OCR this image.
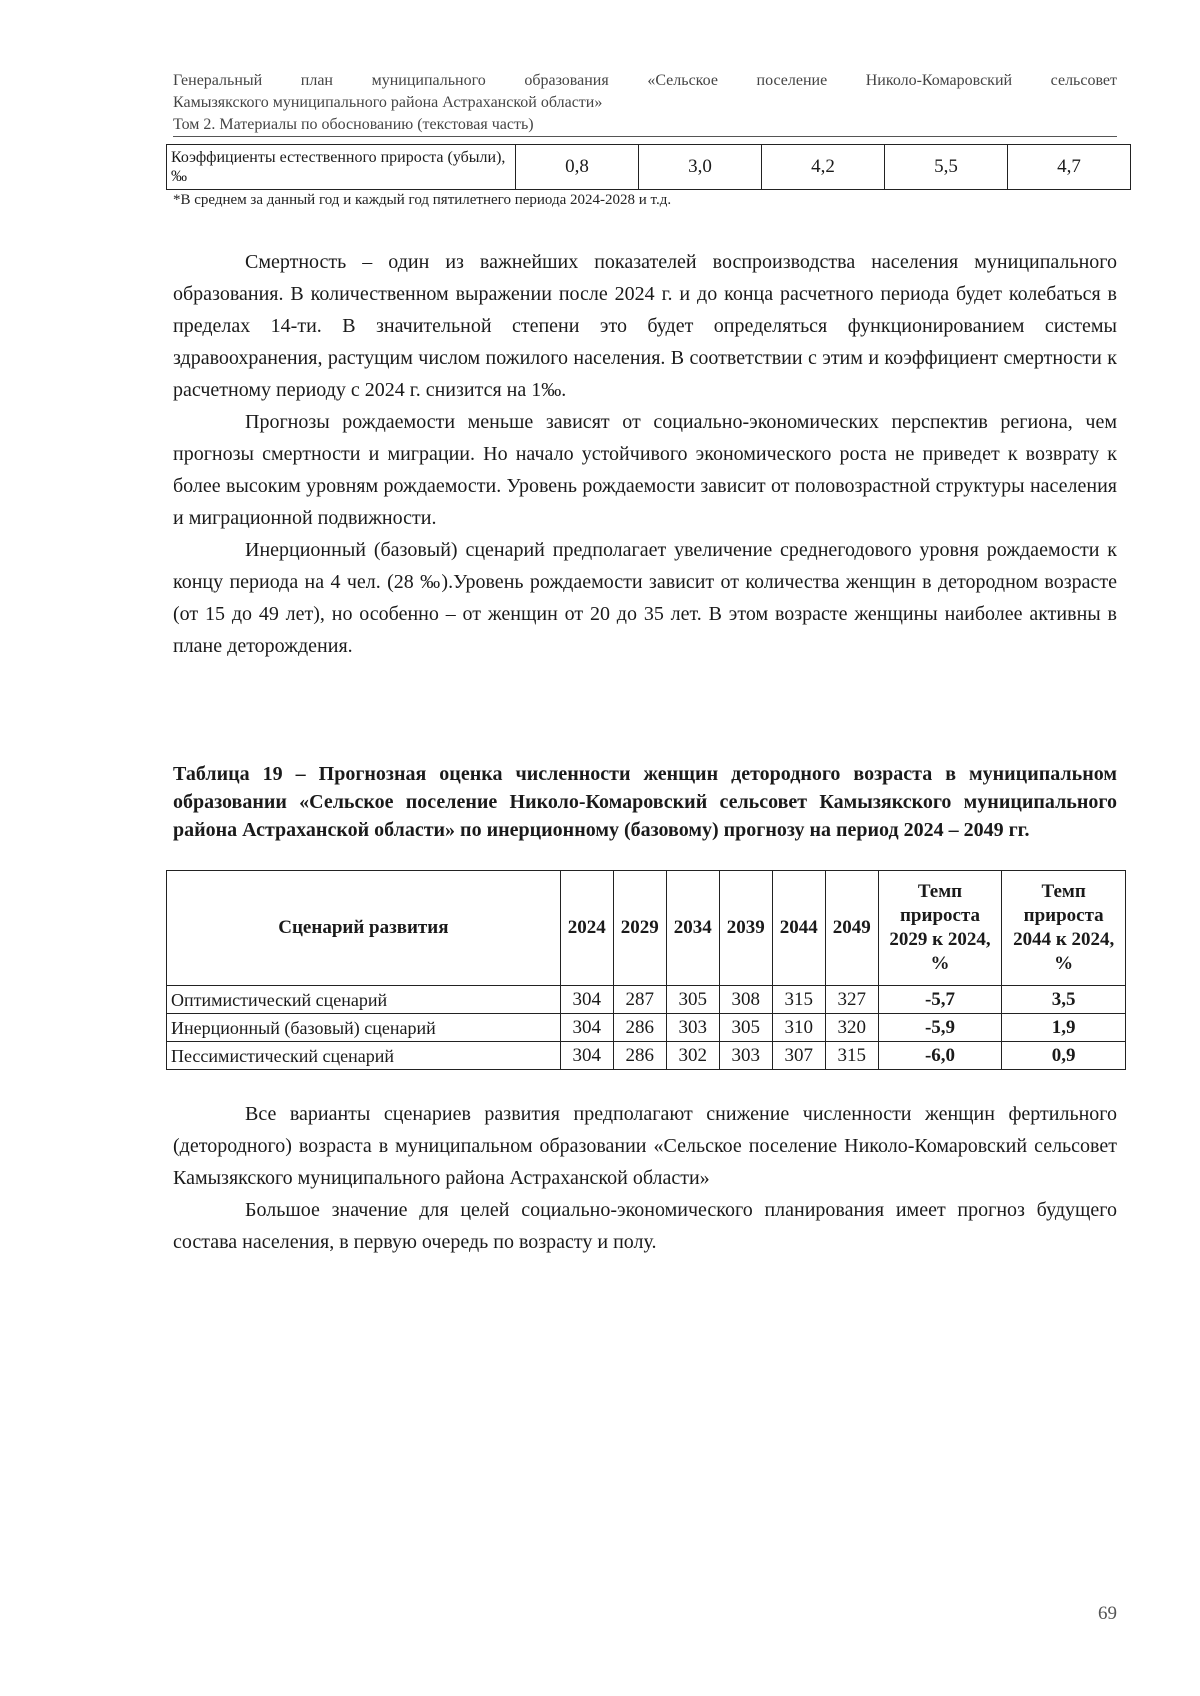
Генеральный план муниципального образования «Сельское поселение Николо-Комаровский сельсовет
Камызякского муниципального района Астраханской области»
Том 2. Материалы по обоснованию (текстовая часть)
Коэффициенты естественного прироста (убыли), ‰	0,8	3,0	4,2	5,5	4,7
*В среднем за данный год и каждый год пятилетнего периода 2024-2028 и т.д.

Смертность – один из важнейших показателей воспроизводства населения муниципального образования. В количественном выражении после 2024 г. и до конца расчетного периода будет колебаться в пределах 14-ти. В значительной степени это будет определяться функционированием системы здравоохранения, растущим числом пожилого населения. В соответствии с этим и коэффициент смертности к расчетному периоду с 2024 г. снизится на 1‰.

Прогнозы рождаемости меньше зависят от социально-экономических перспектив региона, чем прогнозы смертности и миграции. Но начало устойчивого экономического роста не приведет к возврату к более высоким уровням рождаемости. Уровень рождаемости зависит от половозрастной структуры населения и миграционной подвижности.

Инерционный (базовый) сценарий предполагает увеличение среднегодового уровня рождаемости к концу периода на 4 чел. (28 ‰).Уровень рождаемости зависит от количества женщин в детородном возрасте (от 15 до 49 лет), но особенно – от женщин от 20 до 35 лет. В этом возрасте женщины наиболее активны в плане деторождения.

Таблица 19 – Прогнозная оценка численности женщин детородного возраста в муниципальном образовании «Сельское поселение Николо-Комаровский сельсовет Камызякского муниципального района Астраханской области» по инерционному (базовому) прогнозу на период 2024 – 2049 гг.
Сценарий развития	2024	2029	2034	2039	2044	2049	Темп прироста 2029 к 2024, %	Темп прироста 2044 к 2024, %
Оптимистический сценарий	304	287	305	308	315	327	-5,7	3,5
Инерционный (базовый) сценарий	304	286	303	305	310	320	-5,9	1,9
Пессимистический сценарий	304	286	302	303	307	315	-6,0	0,9

Все варианты сценариев развития предполагают снижение численности женщин фертильного (детородного) возраста в муниципальном образовании «Сельское поселение Николо-Комаровский сельсовет Камызякского муниципального района Астраханской области»

Большое значение для целей социально-экономического планирования имеет прогноз будущего состава населения, в первую очередь по возрасту и полу.

69
